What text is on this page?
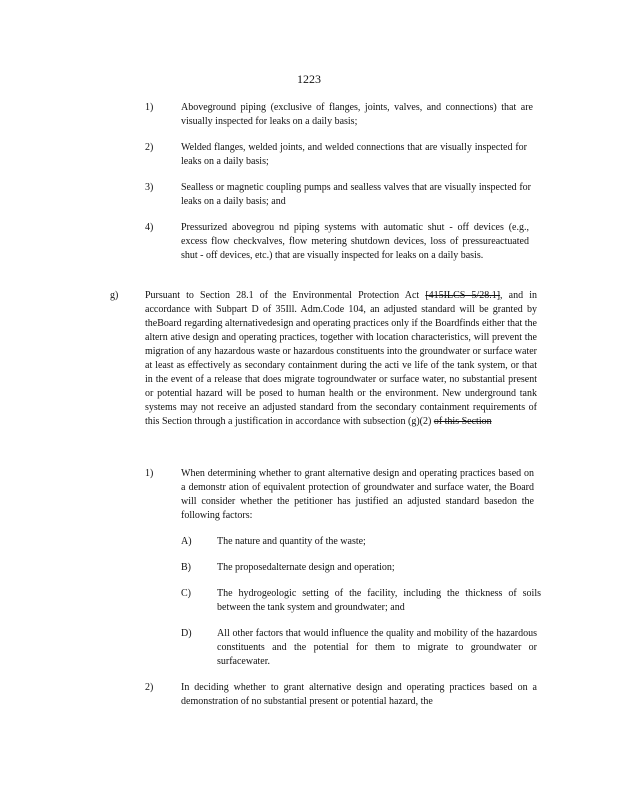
1223
1)	Aboveground piping (exclusive of flanges, joints, valves, and connections) that are visually inspected for leaks on a daily basis;
2)	Welded flanges, welded joints, and welded connections that are visually inspected for leaks on a daily basis;
3)	Sealless or magnetic coupling pumps and sealless valves that are visually inspected for leaks on a daily basis; and
4)	Pressurized abovegrou nd piping systems with automatic shut - off devices (e.g., excess flow checkvalves, flow metering shutdown devices, loss of pressureactuated shut - off devices, etc.) that are visually inspected for leaks on a daily basis.
g)	Pursuant to Section 28.1 of the Environmental Protection Act [415ILCS 5/28.1], and in accordance with Subpart D of 35Ill. Adm.Code 104, an adjusted standard will be granted by theBoard regarding alternativedesign and operating practices only if the Boardfinds either that the altern ative design and operating practices, together with location characteristics, will prevent the migration of any hazardous waste or hazardous constituents into the groundwater or surface water at least as effectively as secondary containment during the acti ve life of the tank system, or that in the event of a release that does migrate togroundwater or surface water, no substantial present or potential hazard will be posed to human health or the environment. New underground tank systems may not receive an adjusted standard from the secondary containment requirements of this Section through a justification in accordance with subsection (g)(2) of this Section
1)	When determining whether to grant alternative design and operating practices based on a demonstr ation of equivalent protection of groundwater and surface water, the Board will consider whether the petitioner has justified an adjusted standard basedon the following factors:
A)	The nature and quantity of the waste;
B)	The proposedalternate design and operation;
C)	The hydrogeologic setting of the facility, including the thickness of soils between the tank system and groundwater; and
D)	All other factors that would influence the quality and mobility of the hazardous constituents and the potential for them to migrate to groundwater or surfacewater.
2)	In deciding whether to grant alternative design and operating practices based on a demonstration of no substantial present or potential hazard, the
